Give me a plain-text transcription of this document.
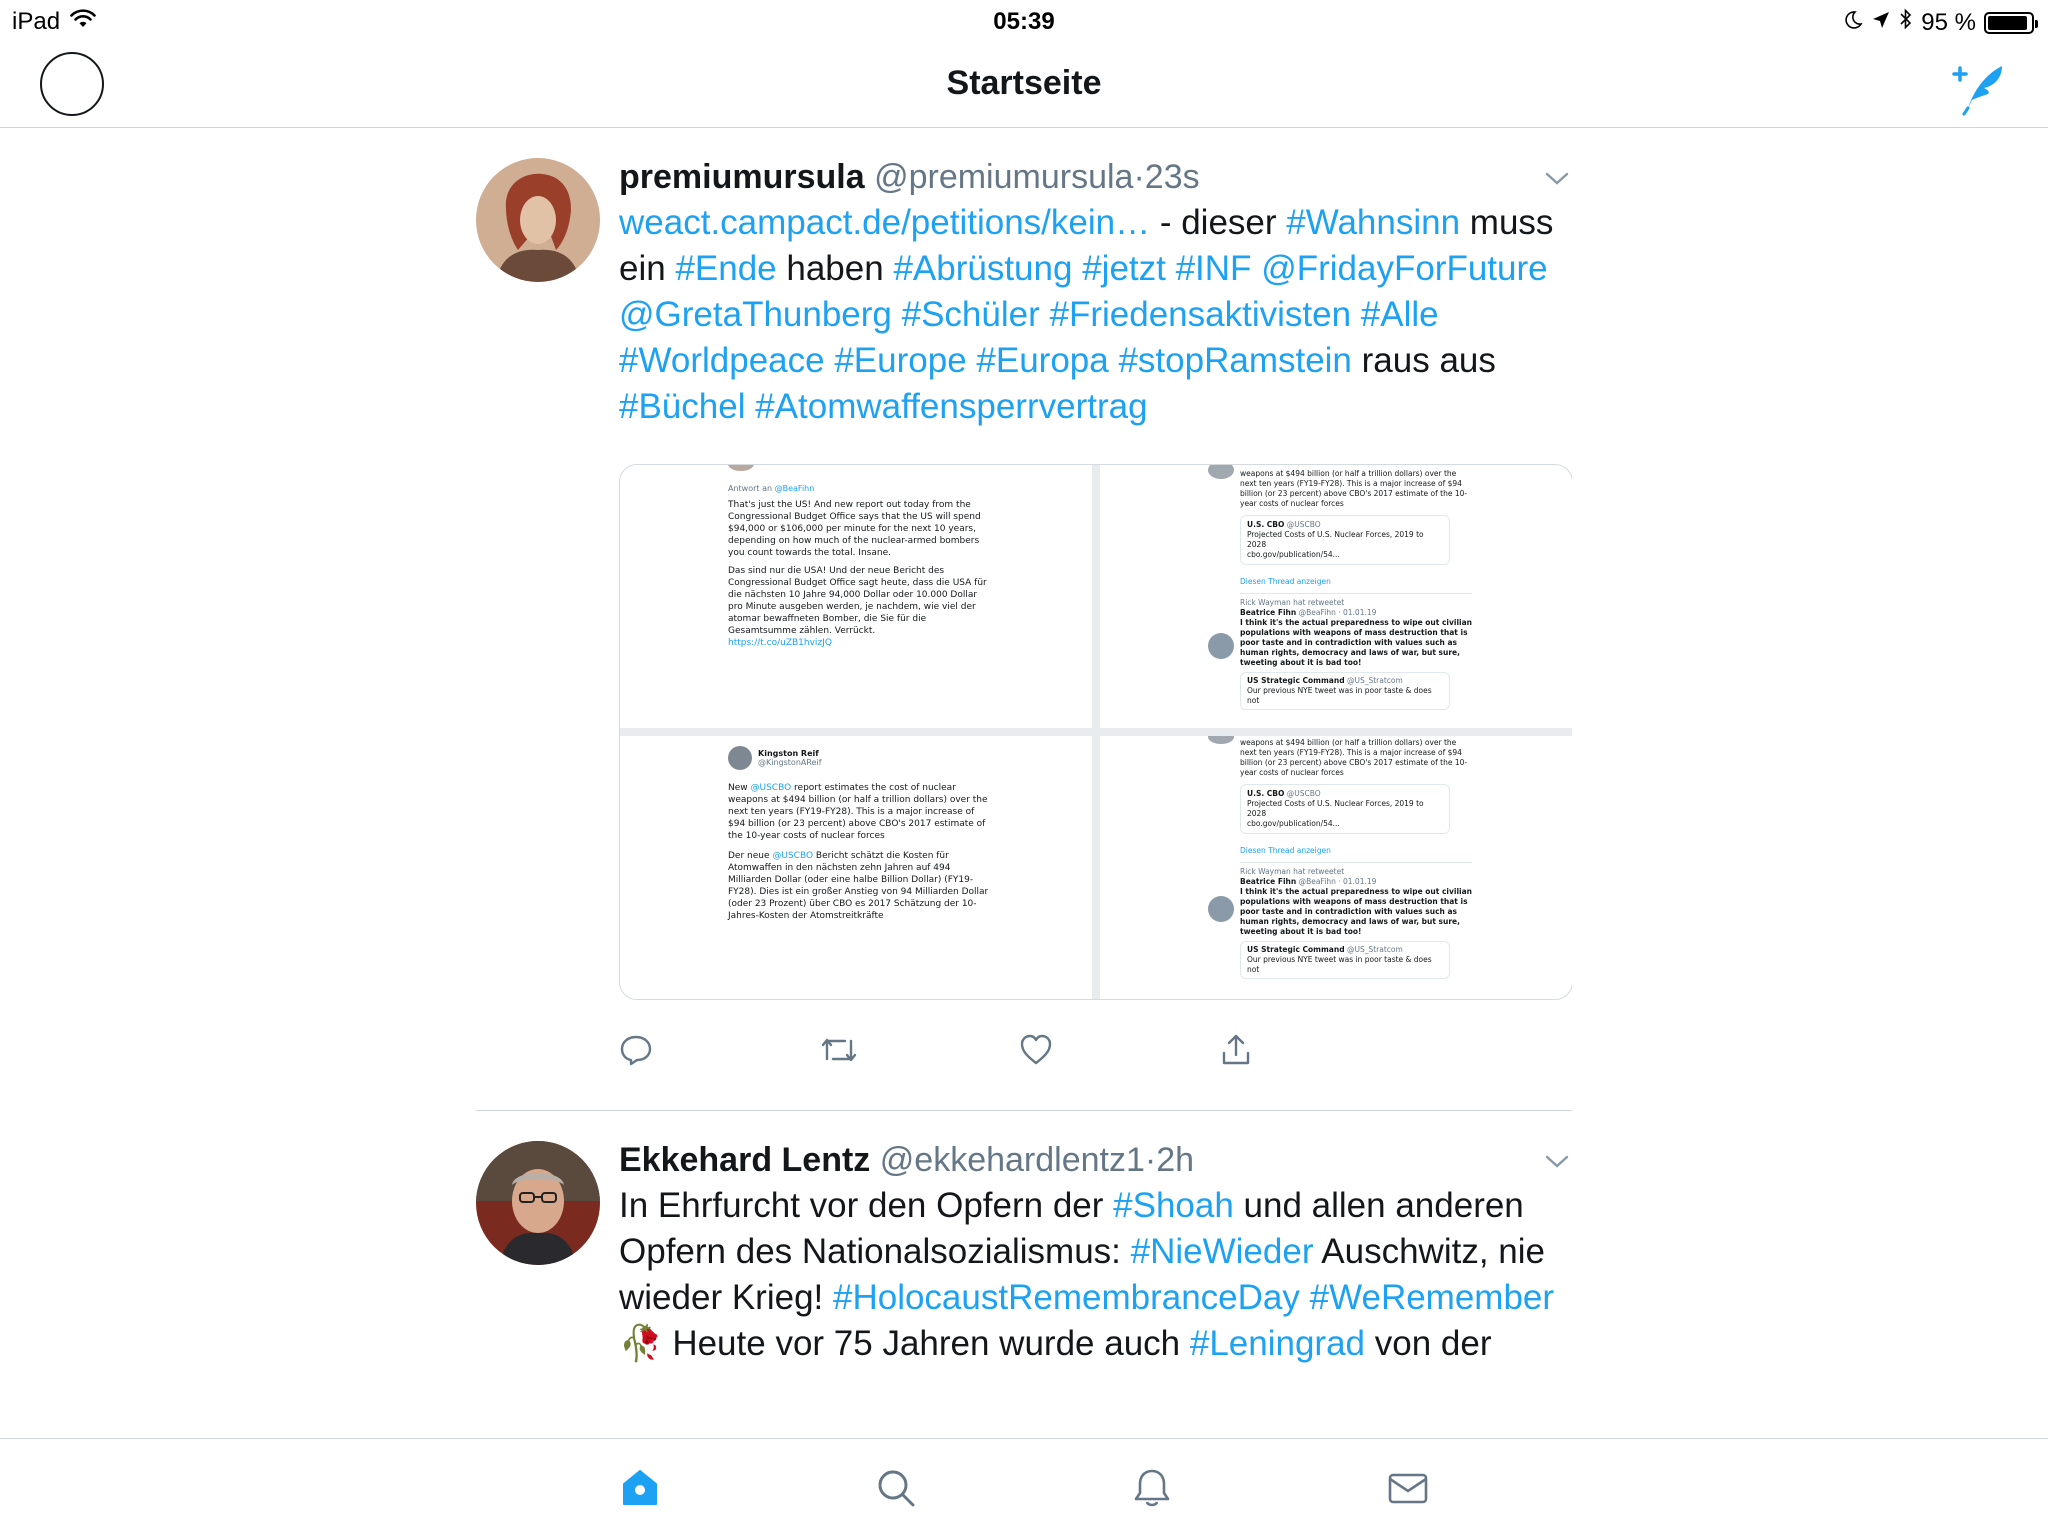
iPad	05:39	95 %
Startseite
premiumursula @premiumursula·23s
weact.campact.de/petitions/kein… - dieser #Wahnsinn muss ein #Ende haben #Abrüstung #jetzt #INF @FridayForFuture @GretaThunberg #Schüler #Friedensaktivisten #Alle #Worldpeace #Europe #Europa #stopRamstein raus aus #Büchel #Atomwaffensperrvertrag
Antwort an @BeaFihn
That's just the US! And new report out today from the Congressional Budget Office says that the US will spend $94,000 or $106,000 per minute for the next 10 years, depending on how much of the nuclear-armed bombers you count towards the total. Insane.
Das sind nur die USA! Und der neue Bericht des Congressional Budget Office sagt heute, dass die USA für die nächsten 10 Jahre 94,000 Dollar oder 10.000 Dollar pro Minute ausgeben werden, je nachdem, wie viel der atomar bewaffneten Bomber, die Sie für die Gesamtsumme zählen. Verrückt.
https://t.co/uZB1hvizJQ
weapons at $494 billion (or half a trillion dollars) over the next ten years (FY19-FY28). This is a major increase of $94 billion (or 23 percent) above CBO's 2017 estimate of the 10-year costs of nuclear forces
U.S. CBO @USCBO
Projected Costs of U.S. Nuclear Forces, 2019 to 2028
cbo.gov/publication/54...
Diesen Thread anzeigen
Rick Wayman hat retweetet
Beatrice Fihn @BeaFihn · 01.01.19
I think it's the actual preparedness to wipe out civilian populations with weapons of mass destruction that is poor taste and in contradiction with values such as human rights, democracy and laws of war, but sure, tweeting about it is bad too!
US Strategic Command @US_Stratcom
Our previous NYE tweet was in poor taste & does not
Kingston Reif
@KingstonAReif
New @USCBO report estimates the cost of nuclear weapons at $494 billion (or half a trillion dollars) over the next ten years (FY19-FY28). This is a major increase of $94 billion (or 23 percent) above CBO's 2017 estimate of the 10-year costs of nuclear forces
Der neue @USCBO Bericht schätzt die Kosten für Atomwaffen in den nächsten zehn Jahren auf 494 Milliarden Dollar (oder eine halbe Billion Dollar) (FY19-FY28). Dies ist ein großer Anstieg von 94 Milliarden Dollar (oder 23 Prozent) über CBO es 2017 Schätzung der 10-Jahres-Kosten der Atomstreitkräfte
weapons at $494 billion (or half a trillion dollars) over the next ten years (FY19-FY28). This is a major increase of $94 billion (or 23 percent) above CBO's 2017 estimate of the 10-year costs of nuclear forces
U.S. CBO @USCBO
Projected Costs of U.S. Nuclear Forces, 2019 to 2028
cbo.gov/publication/54...
Diesen Thread anzeigen
Rick Wayman hat retweetet
Beatrice Fihn @BeaFihn · 01.01.19
I think it's the actual preparedness to wipe out civilian populations with weapons of mass destruction that is poor taste and in contradiction with values such as human rights, democracy and laws of war, but sure, tweeting about it is bad too!
US Strategic Command @US_Stratcom
Our previous NYE tweet was in poor taste & does not
Ekkehard Lentz @ekkehardlentz1·2h
In Ehrfurcht vor den Opfern der #Shoah und allen anderen Opfern des Nationalsozialismus: #NieWieder Auschwitz, nie wieder Krieg! #HolocaustRemembranceDay #WeRemember🥀 Heute vor 75 Jahren wurde auch #Leningrad von der
